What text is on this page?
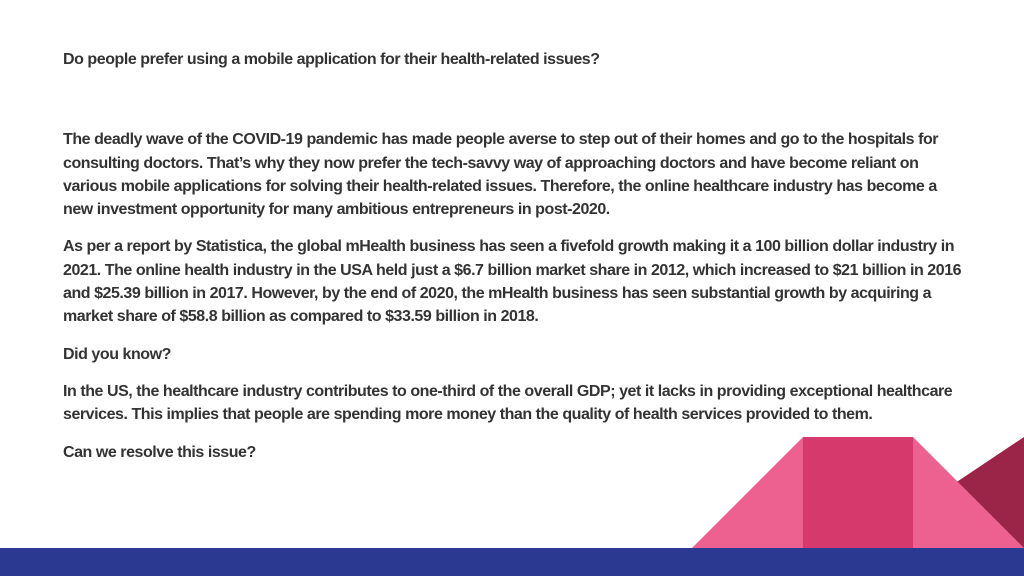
Do people prefer using a mobile application for their health-related issues?

The deadly wave of the COVID-19 pandemic has made people averse to step out of their homes and go to the hospitals for consulting doctors. That’s why they now prefer the tech-savvy way of approaching doctors and have become reliant on various mobile applications for solving their health-related issues. Therefore, the online healthcare industry has become a new investment opportunity for many ambitious entrepreneurs in post-2020.

As per a report by Statistica, the global mHealth business has seen a fivefold growth making it a 100 billion dollar industry in 2021. The online health industry in the USA held just a $6.7 billion market share in 2012, which increased to $21 billion in 2016 and $25.39 billion in 2017. However, by the end of 2020, the mHealth business has seen substantial growth by acquiring a market share of $58.8 billion as compared to $33.59 billion in 2018.

Did you know?

In the US, the healthcare industry contributes to one-third of the overall GDP; yet it lacks in providing exceptional healthcare services. This implies that people are spending more money than the quality of health services provided to them.

Can we resolve this issue?
